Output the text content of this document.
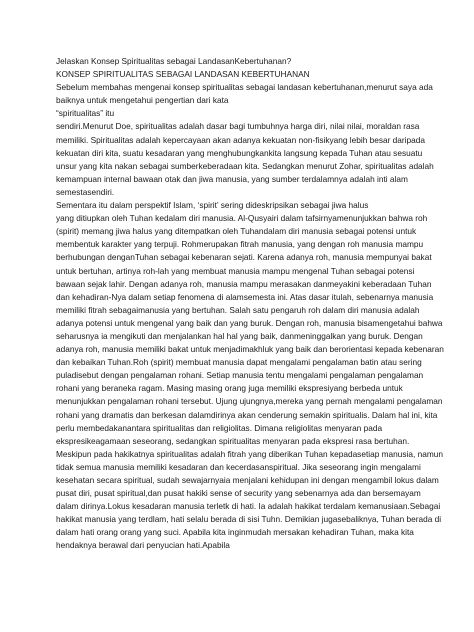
Jelaskan Konsep Spiritualitas sebagai LandasanKebertuhanan?

KONSEP SPIRITUALITAS SEBAGAI LANDASAN KEBERTUHANAN

Sebelum membahas mengenai konsep spiritualitas sebagai landasan kebertuhanan,menurut saya ada baiknya untuk mengetahui pengertian dari kata

“spiritualitas” itu

sendiri.Menurut Doe, spiritualitas adalah dasar bagi tumbuhnya harga diri, nilai nilai, moraldan rasa memiliki. Spiritualitas adalah kepercayaan akan adanya kekuatan non-fisikyang lebih besar daripada kekuatan diri kita, suatu kesadaran yang menghubungkankita langsung kepada Tuhan atau sesuatu unsur yang kita nakan sebagai sumberkeberadaan kita. Sedangkan menurut Zohar, spiritualitas adalah kemampuan internal bawaan otak dan jiwa manusia, yang sumber terdalamnya adalah inti alam semestasendiri.

Sementara itu dalam perspektif Islam, ‘spirit’ sering dideskripsikan sebagai jiwa halus

yang ditiupkan oleh Tuhan kedalam diri manusia. Al-Qusyairi dalam tafsirnyamenunjukkan bahwa roh (spirit) memang jiwa halus yang ditempatkan oleh Tuhandalam diri manusia sebagai potensi untuk membentuk karakter yang terpuji. Rohmerupakan fitrah manusia, yang dengan roh manusia mampu berhubungan denganTuhan sebagai kebenaran sejati. Karena adanya roh, manusia mempunyai bakat untuk bertuhan, artinya roh-lah yang membuat manusia mampu mengenal Tuhan sebagai potensi bawaan sejak lahir. Dengan adanya roh, manusia mampu merasakan danmeyakini keberadaan Tuhan dan kehadiran-Nya dalam setiap fenomena di alamsemesta ini. Atas dasar itulah, sebenarnya manusia memiliki fitrah sebagaimanusia yang bertuhan. Salah satu pengaruh roh dalam diri manusia adalah adanya potensi untuk mengenal yang baik dan yang buruk. Dengan roh, manusia bisamengetahui bahwa seharusnya ia mengikuti dan menjalankan hal hal yang baik, danmeninggalkan yang buruk. Dengan adanya roh, manusia memiliki bakat untuk menjadimakhluk yang baik dan berorientasi kepada kebenaran dan kebaikan Tuhan.Roh (spirit) membuat manusia dapat mengalami pengalaman batin atau sering puladisebut dengan pengalaman rohani. Setiap manusia tentu mengalami pengalaman pengalaman rohani yang beraneka ragam. Masing masing orang juga memiliki ekspresiyang berbeda untuk menunjukkan pengalaman rohani tersebut. Ujung ujungnya,mereka yang pernah mengalami pengalaman rohani yang dramatis dan berkesan dalamdirinya akan cenderung semakin spiritualis. Dalam hal ini, kita perlu membedakanantara spiritualitas dan religiolitas. Dimana religiolitas menyaran pada ekspresikeagamaan seseorang, sedangkan spiritualitas menyaran pada ekspresi rasa bertuhan.

Meskipun pada hakikatnya spiritualitas adalah fitrah yang diberikan Tuhan kepadasetiap manusia, namun tidak semua manusia memiliki kesadaran dan kecerdasanspiritual. Jika seseorang ingin mengalami kesehatan secara spiritual, sudah sewajarnyaia menjalani kehidupan ini dengan mengambil lokus dalam pusat diri, pusat spiritual,dan pusat hakiki sense of security yang sebenarnya ada dan bersemayam dalam dirinya.Lokus kesadaran manusia terletk di hati. Ia adalah hakikat terdalam kemanusiaan.Sebagai hakikat manusia yang terdlam, hati selalu berada di sisi Tuhn. Demikian jugasebaliknya, Tuhan berada di dalam hati orang orang yang suci. Apabila kita inginmudah mersakan kehadiran Tuhan, maka kita hendaknya berawal dari penyucian hati.Apabila
